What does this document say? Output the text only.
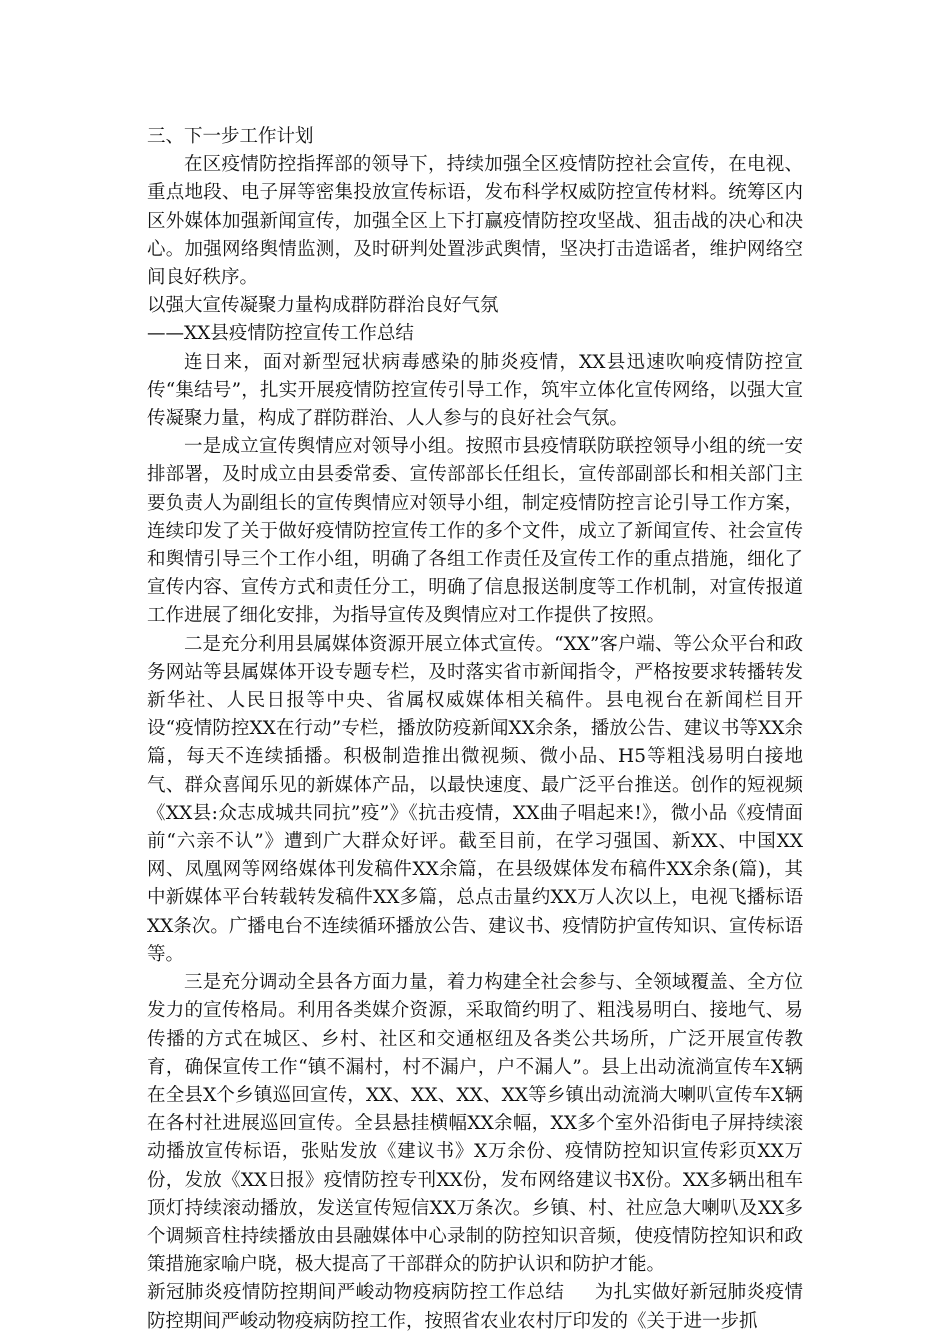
三、下一步工作计划

在区疫情防控指挥部的领导下，持续加强全区疫情防控社会宣传，在电视、重点地段、电子屏等密集投放宣传标语，发布科学权威防控宣传材料。统筹区内区外媒体加强新闻宣传，加强全区上下打赢疫情防控攻坚战、狙击战的决心和决心。加强网络舆情监测，及时研判处置涉武舆情，坚决打击造谣者，维护网络空间良好秩序。

以强大宣传凝聚力量构成群防群治良好气氛

——XX县疫情防控宣传工作总结

连日来，面对新型冠状病毒感染的肺炎疫情，XX县迅速吹响疫情防控宣传“集结号”，扎实开展疫情防控宣传引导工作，筑牢立体化宣传网络，以强大宣传凝聚力量，构成了群防群治、人人参与的良好社会气氛。

一是成立宣传舆情应对领导小组。按照市县疫情联防联控领导小组的统一安排部署，及时成立由县委常委、宣传部部长任组长，宣传部副部长和相关部门主要负责人为副组长的宣传舆情应对领导小组，制定疫情防控言论引导工作方案，连续印发了关于做好疫情防控宣传工作的多个文件，成立了新闻宣传、社会宣传和舆情引导三个工作小组，明确了各组工作责任及宣传工作的重点措施，细化了宣传内容、宣传方式和责任分工，明确了信息报送制度等工作机制，对宣传报道工作进展了细化安排，为指导宣传及舆情应对工作提供了按照。

二是充分利用县属媒体资源开展立体式宣传。“XX”客户端、等公众平台和政务网站等县属媒体开设专题专栏，及时落实省市新闻指令，严格按要求转播转发新华社、人民日报等中央、省属权威媒体相关稿件。县电视台在新闻栏目开设“疫情防控XX在行动”专栏，播放防疫新闻XX余条，播放公告、建议书等XX余篇，每天不连续插播。积极制造推出微视频、微小品、H5等粗浅易明白接地气、群众喜闻乐见的新媒体产品，以最快速度、最广泛平台推送。创作的短视频《XX县:众志成城共同抗”疫”》《抗击疫情，XX曲子唱起来!》，微小品《疫情面前“六亲不认”》遭到广大群众好评。截至目前，在学习强国、新XX、中国XX网、凤凰网等网络媒体刊发稿件XX余篇，在县级媒体发布稿件XX余条(篇)，其中新媒体平台转载转发稿件XX多篇，总点击量约XX万人次以上，电视飞播标语XX条次。广播电台不连续循环播放公告、建议书、疫情防护宣传知识、宣传标语等。

三是充分调动全县各方面力量，着力构建全社会参与、全领域覆盖、全方位发力的宣传格局。利用各类媒介资源，采取简约明了、粗浅易明白、接地气、易传播的方式在城区、乡村、社区和交通枢纽及各类公共场所，广泛开展宣传教育，确保宣传工作“镇不漏村，村不漏户，户不漏人”。县上出动流淌宣传车X辆在全县X个乡镇巡回宣传，XX、XX、XX、XX等乡镇出动流淌大喇叭宣传车X辆在各村社进展巡回宣传。全县悬挂横幅XX余幅，XX多个室外沿街电子屏持续滚动播放宣传标语，张贴发放《建议书》X万余份、疫情防控知识宣传彩页XX万份，发放《XX日报》疫情防控专刊XX份，发布网络建议书X份。XX多辆出租车顶灯持续滚动播放，发送宣传短信XX万条次。乡镇、村、社应急大喇叭及XX多个调频音柱持续播放由县融媒体中心录制的防控知识音频，使疫情防控知识和政策措施家喻户晓，极大提高了干部群众的防护认识和防护才能。

新冠肺炎疫情防控期间严峻动物疫病防控工作总结 为扎实做好新冠肺炎疫情防控期间严峻动物疫病防控工作，按照省农业农村厅印发的《关于进一步抓
